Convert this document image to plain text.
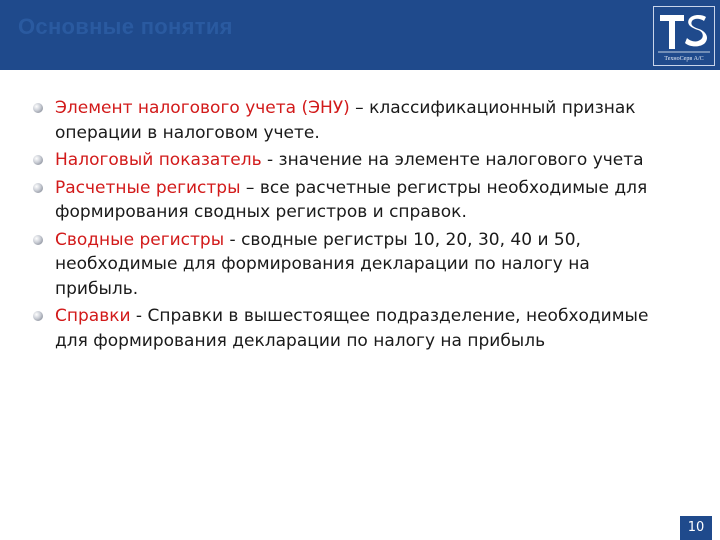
Основные понятия
ТехноСерв А/С
Элемент налогового учета (ЭНУ) – классификационный признак операции в налоговом учете.
Налоговый показатель - значение на элементе налогового учета
Расчетные регистры – все расчетные регистры необходимые для формирования сводных регистров и справок.
Сводные регистры - сводные регистры 10, 20, 30, 40 и 50, необходимые для формирования декларации по налогу на прибыль.
Справки - Справки в вышестоящее подразделение, необходимые для формирования декларации по налогу на прибыль
10
